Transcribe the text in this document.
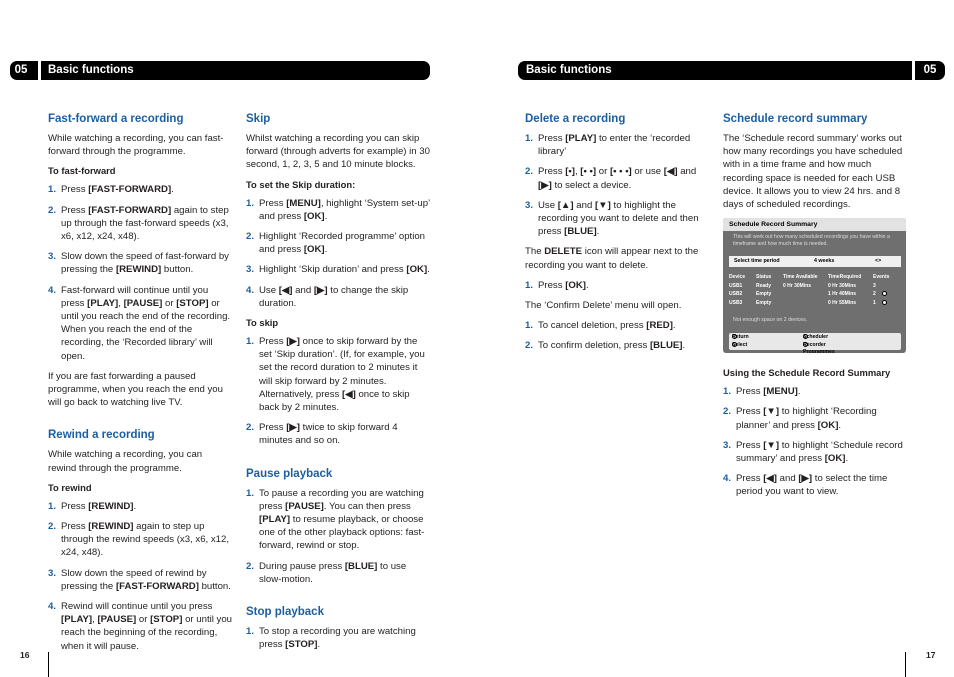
05	Basic functions	Basic functions	05
Fast-forward a recording

While watching a recording, you can fast-forward through the programme.

To fast-forward
1. Press [FAST-FORWARD].
2. Press [FAST-FORWARD] again to step up through the fast-forward speeds (x3, x6, x12, x24, x48).
3. Slow down the speed of fast-forward by pressing the [REWIND] button.
4. Fast-forward will continue until you press [PLAY], [PAUSE] or [STOP] or until you reach the end of the recording. When you reach the end of the recording, the ‘Recorded library’ will open.

If you are fast forwarding a paused programme, when you reach the end you will go back to watching live TV.

Rewind a recording

While watching a recording, you can rewind through the programme.

To rewind
1. Press [REWIND].
2. Press [REWIND] again to step up through the rewind speeds (x3, x6, x12, x24, x48).
3. Slow down the speed of rewind by pressing the [FAST-FORWARD] button.
4. Rewind will continue until you press [PLAY], [PAUSE] or [STOP] or until you reach the beginning of the recording, when it will pause.
Skip

Whilst watching a recording you can skip forward (through adverts for example) in 30 second, 1, 2, 3, 5 and 10 minute blocks.

To set the Skip duration:
1. Press [MENU], highlight ‘System set-up’ and press [OK].
2. Highlight ‘Recorded programme’ option and press [OK].
3. Highlight ‘Skip duration’ and press [OK].
4. Use [◀] and [▶] to change the skip duration.
To skip
1. Press [▶] once to skip forward by the set ‘Skip duration’. (If, for example, you set the record duration to 2 minutes it will skip forward by 2 minutes. Alternatively, press [◀] once to skip back by 2 minutes.
2. Press [▶] twice to skip forward 4 minutes and so on.
Pause playback
1. To pause a recording you are watching press [PAUSE]. You can then press [PLAY] to resume playback, or choose one of the other playback options: fast-forward, rewind or stop.
2. During pause press [BLUE] to use slow-motion.
Stop playback
1. To stop a recording you are watching press [STOP].
Delete a recording
1. Press [PLAY] to enter the ‘recorded library’
2. Press [•], [• •] or [• • •] or use [◀] and [▶] to select a device.
3. Use [▲] and [▼] to highlight the recording you want to delete and then press [BLUE].

The DELETE icon will appear next to the recording you want to delete.

1. Press [OK].

The ‘Confirm Delete’ menu will open.

1. To cancel deletion, press [RED].
2. To confirm deletion, press [BLUE].
Schedule record summary

The ‘Schedule record summary’ works out how many recordings you have scheduled with in a time frame and how much recording space is needed for each USB device. It allows you to view 24 hrs. and 8 days of scheduled recordings.

Schedule Record Summary
This will work out how many scheduled recordings you have within a timeframe and how much time is needed.
Select time period	4 weeks	<>
Device	Status	Time Available	TimeRequired	Events
USB1	Ready	0 Hr 30Mins	0 Hr 30Mins	3
USB2	Empty		1 Hr 40Mins	2
USB3	Empty		0 Hr 55Mins	1
Not enough space on 2 devices.
Return
Select
Scheduler
Recorder Programmes
Using the Schedule Record Summary
1. Press [MENU].
2. Press [▼] to highlight ‘Recording planner’ and press [OK].
3. Press [▼] to highlight ‘Schedule record summary’ and press [OK].
4. Press [◀] and [▶] to select the time period you want to view.
16	17
